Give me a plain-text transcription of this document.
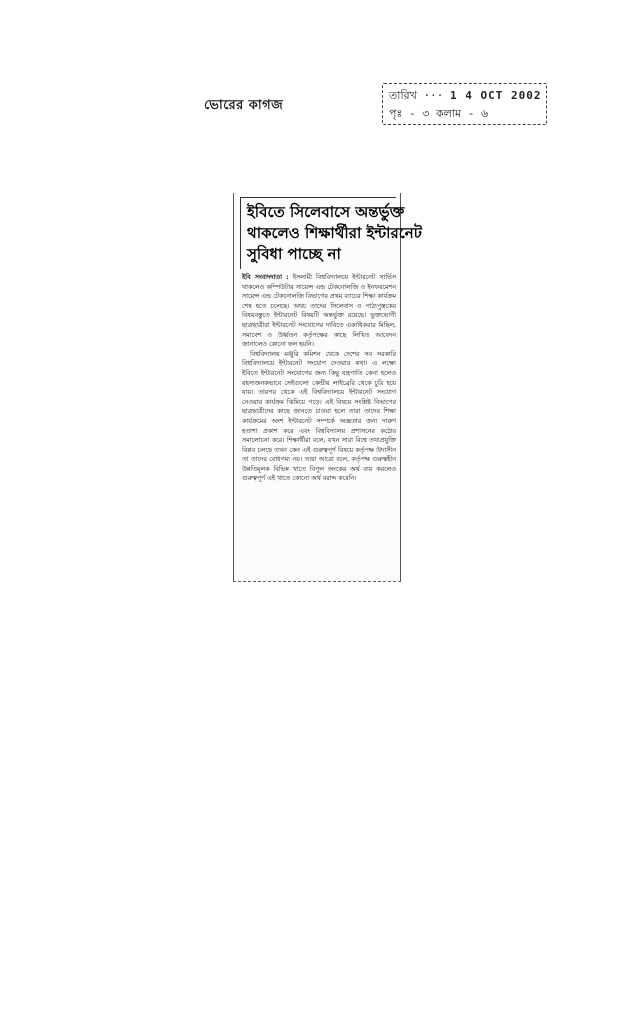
ভোরের কাগজ
তারিখ ··· 1 4 OCT 2002
পৃঃ - ৩ কলাম - ৬
ইবিতে সিলেবাসে অন্তর্ভুক্ত
থাকলেও শিক্ষার্থীরা ইন্টারনেট
সুবিধা পাচ্ছে না

ইবি সংবাদদাতা : ইসলামী বিশ্ববিদ্যালয়ে ইন্টারনেট সার্ভিস থাকলেও কম্পিউটার সায়েন্স এন্ড টেকনোলজি ও ইনফরমেশন সায়েন্স এন্ড টেকনোলজি বিভাগের প্রথম ব্যাচের শিক্ষা কার্যক্রম শেষ হতে চলেছে। অথচ তাদের সিলেবাস ও পাঠ্যপুস্তকের বিষয়বস্তুতে ইন্টারনেট বিষয়টি অন্তর্ভুক্ত রয়েছে। ভুক্তভোগী ছাত্রছাত্রীরা ইন্টারনেট সংযোগের দাবিতে একাধিকবার মিছিল, সমাবেশ ও উর্ধ্বতন কর্তৃপক্ষের কাছে লিখিত আবেদন জানালেও কোনো ফল হয়নি।

বিশ্ববিদ্যালয় মঞ্জুরি কমিশন থেকে দেশের সব সরকারি বিশ্ববিদ্যালয়ে ইন্টারনেট সংযোগ দেওয়ার কথা। এ লক্ষ্যে ইবিতে ইন্টারনেট সংযোগের জন্য কিছু যন্ত্রপাতি কেনা হলেও রহস্যজনকভাবে সেইগুলো কেন্দ্রীয় লাইব্রেরি থেকে চুরি হয়ে যায়। তারপর থেকে এই বিশ্ববিদ্যালয়ে ইন্টারনেট সংযোগ নেওয়ার কার্যক্রম ঝিমিয়ে পড়ে। এই বিষয়ে সংশ্লিষ্ট বিভাগের ছাত্রছাত্রীদের কাছে জানতে চাওয়া হলে তারা তাদের শিক্ষা কার্যক্রমের অংশ ইন্টারনেট সম্পর্কে অজ্ঞতার জন্য দারুণ হতাশা প্রকাশ করে এবং বিশ্ববিদ্যালয় প্রশাসনের কঠোর সমালোচনা করে। শিক্ষার্থীরা বলে, যখন সারা বিশ্বে তথ্যপ্রযুক্তি বিপ্লব চলছে তখন কেন এই গুরুত্বপূর্ণ বিষয়ে কর্তৃপক্ষ উদাসীন তা তাদের বোধগম্য নয়। তারা আরো বলে, কর্তৃপক্ষ গুরুত্বহীন উন্নতিমূলক বিভিন্ন খাতে বিপুল অংকের অর্থ ব্যয় করলেও গুরুত্বপূর্ণ এই খাতে কোনো অর্থ বরাদ্দ করেনি।
